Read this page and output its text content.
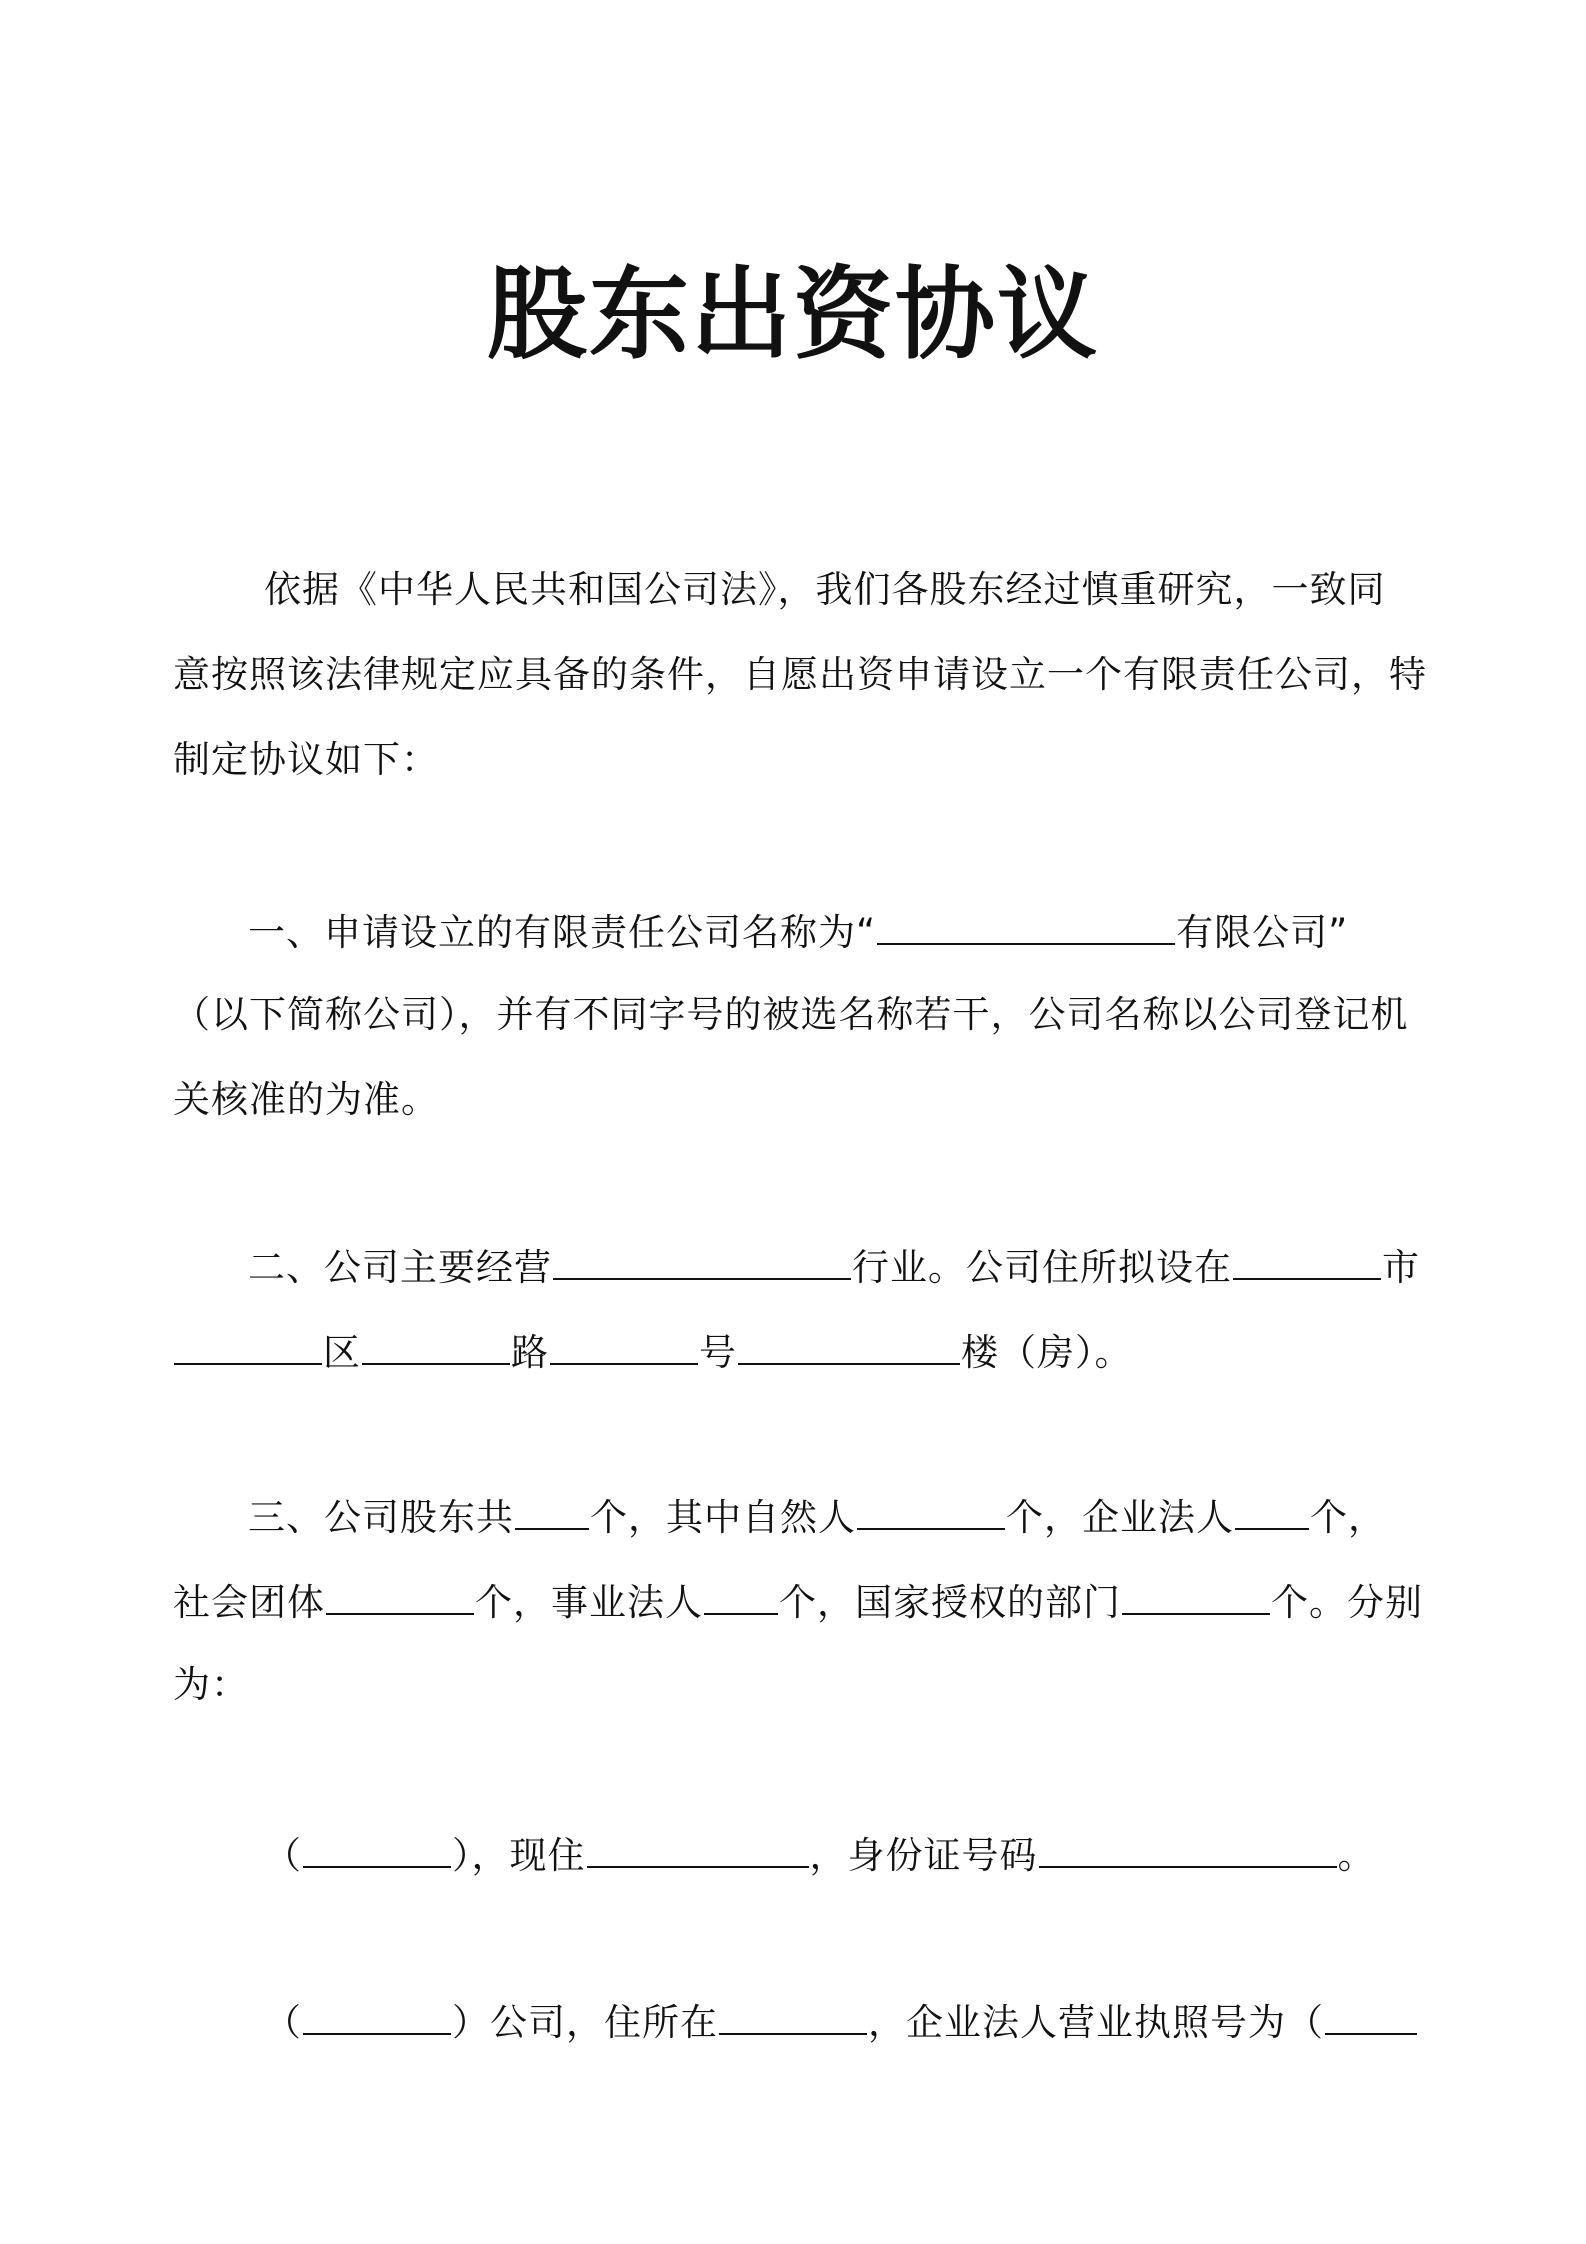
股东出资协议
依据《中华人民共和国公司法》，我们各股东经过慎重研究，一致同
意按照该法律规定应具备的条件，自愿出资申请设立一个有限责任公司，特
制定协议如下：
一、申请设立的有限责任公司名称为“	有限公司”
（以下简称公司），并有不同字号的被选名称若干，公司名称以公司登记机
关核准的为准。
二、公司主要经营	行业。公司住所拟设在	市
区	路	号	楼（房）。
三、公司股东共 个，其中自然人	个，企业法人 个，
社会团体	个，事业法人 个，国家授权的部门	个。分别
为：
（	），现住	，身份证号码	。
（	）公司，住所在	，企业法人营业执照号为（
